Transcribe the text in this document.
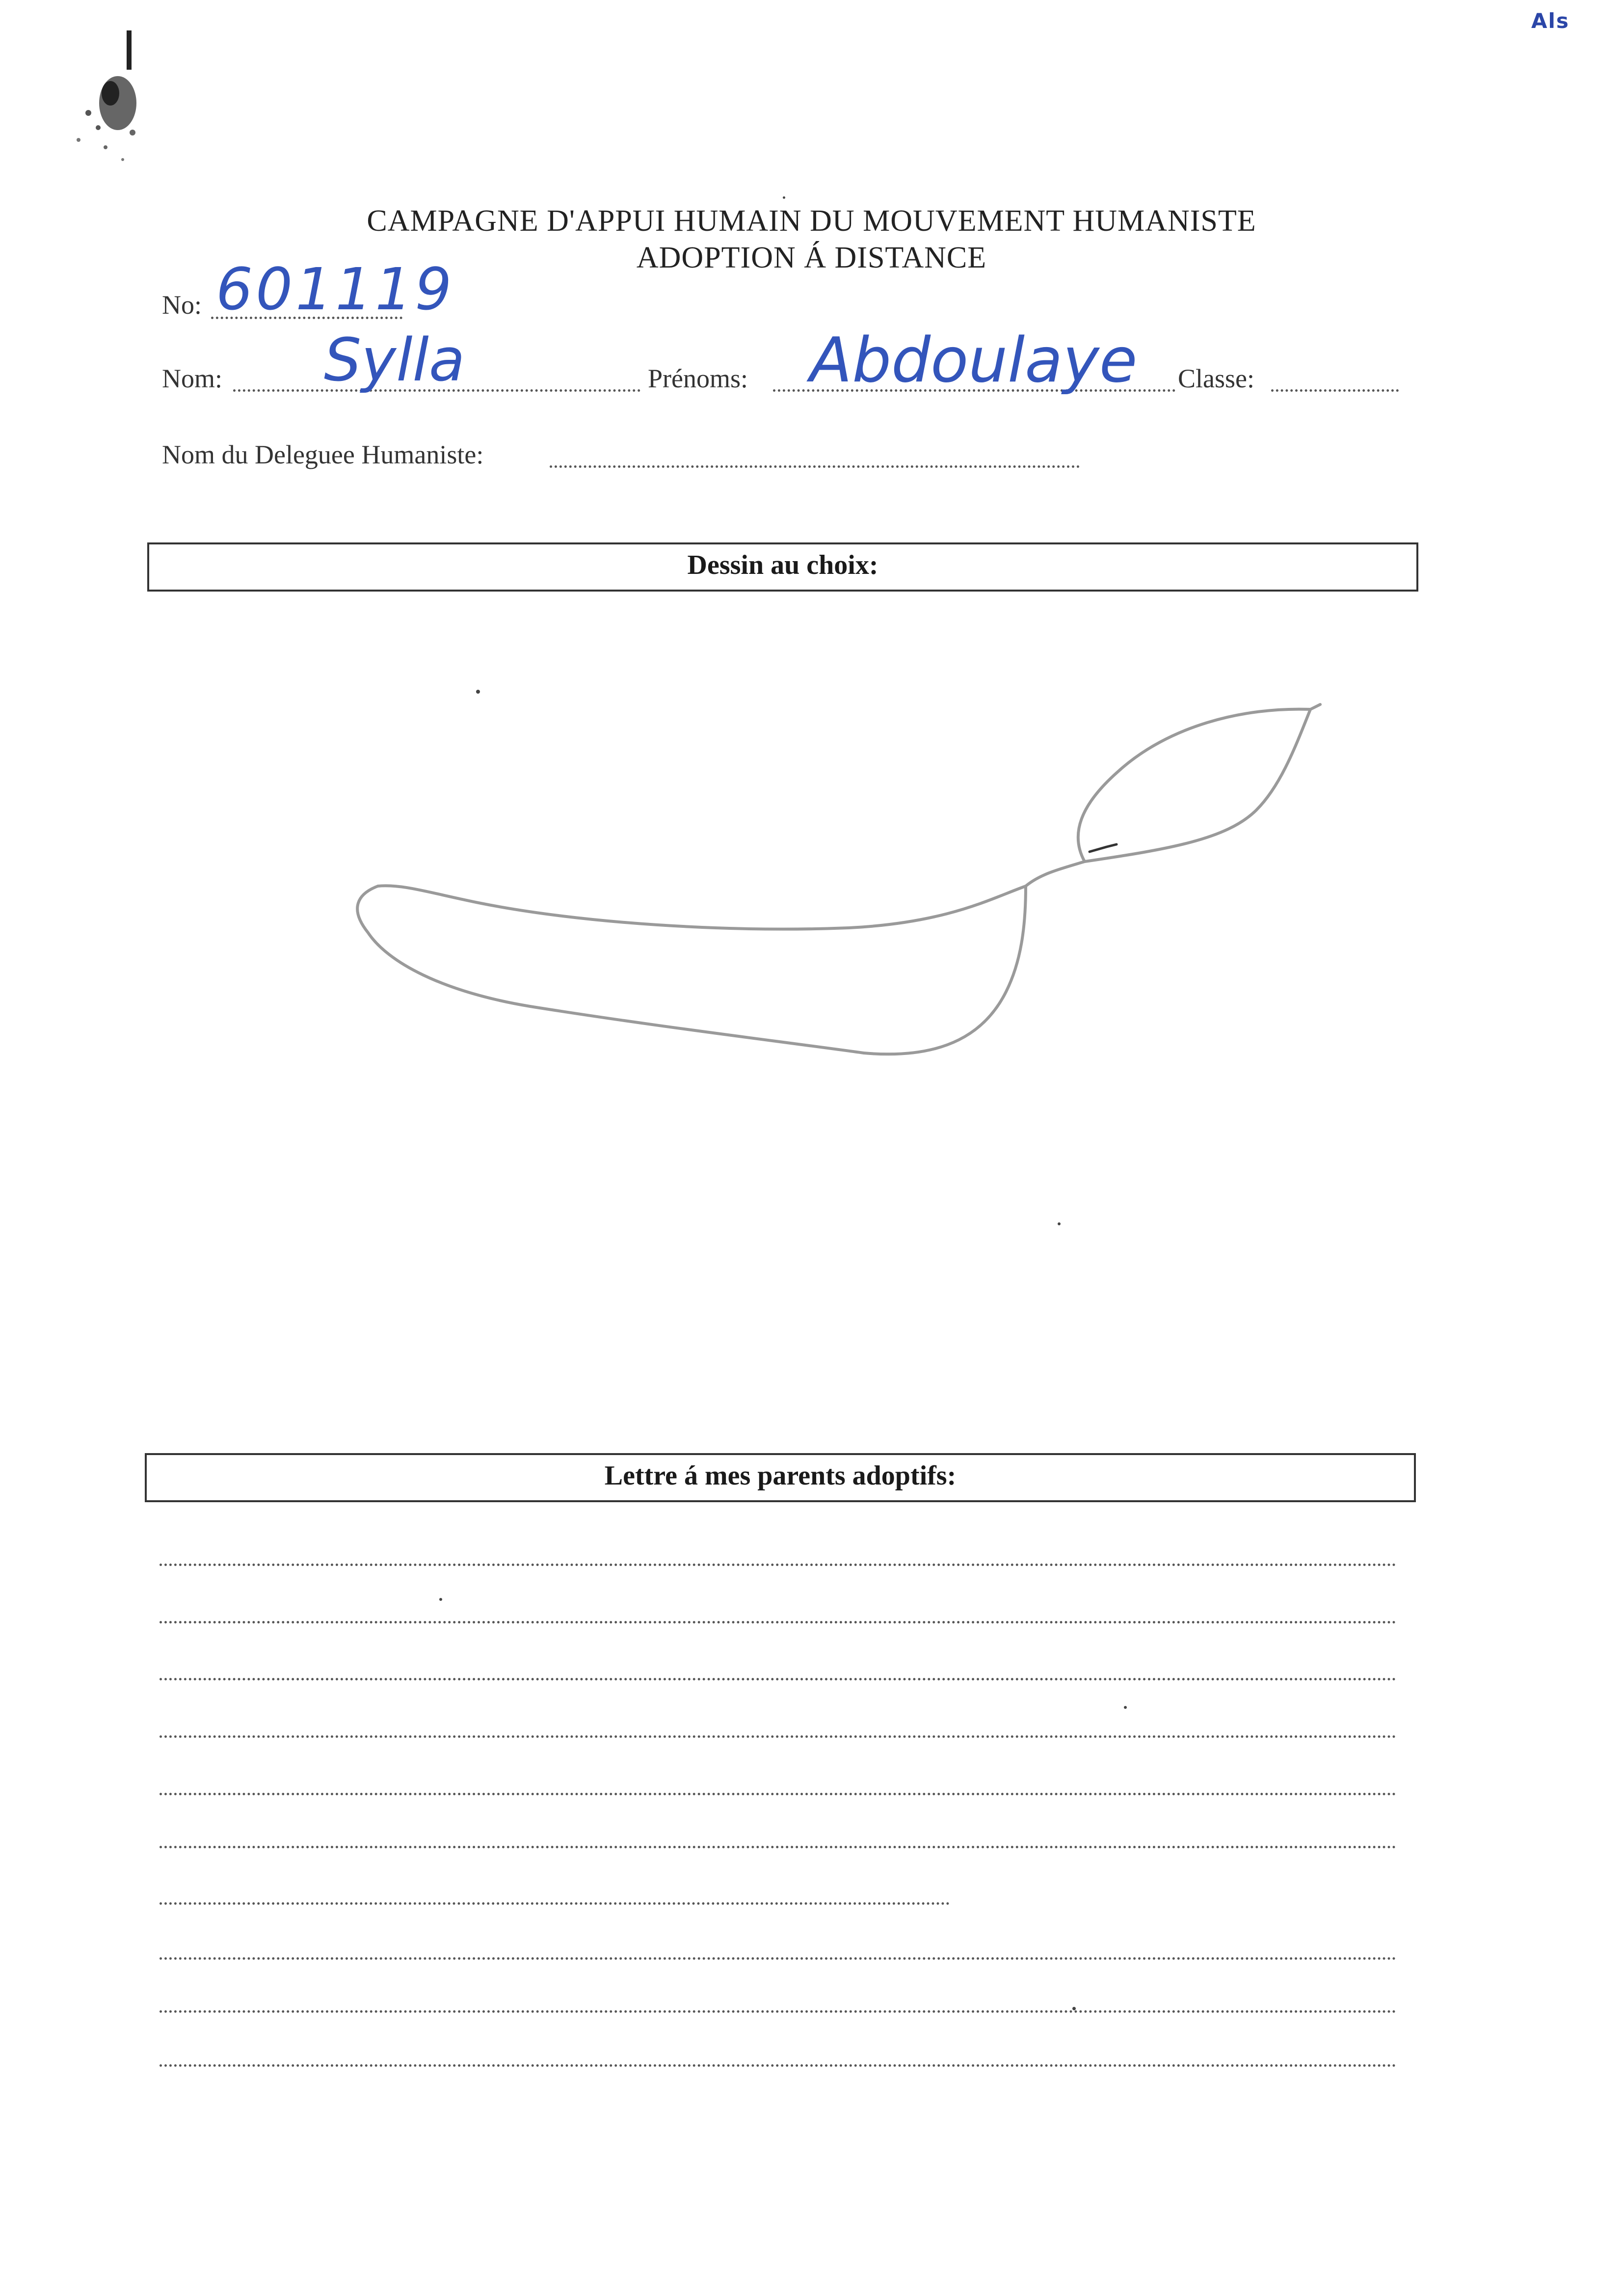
Als
CAMPAGNE D'APPUI HUMAIN DU MOUVEMENT HUMANISTE
ADOPTION Á DISTANCE
No: 601119
Nom: Sylla	Prénoms: Abdoulaye Classe:
Nom du Deleguee Humaniste:
Dessin au choix:
Lettre á mes parents adoptifs:
